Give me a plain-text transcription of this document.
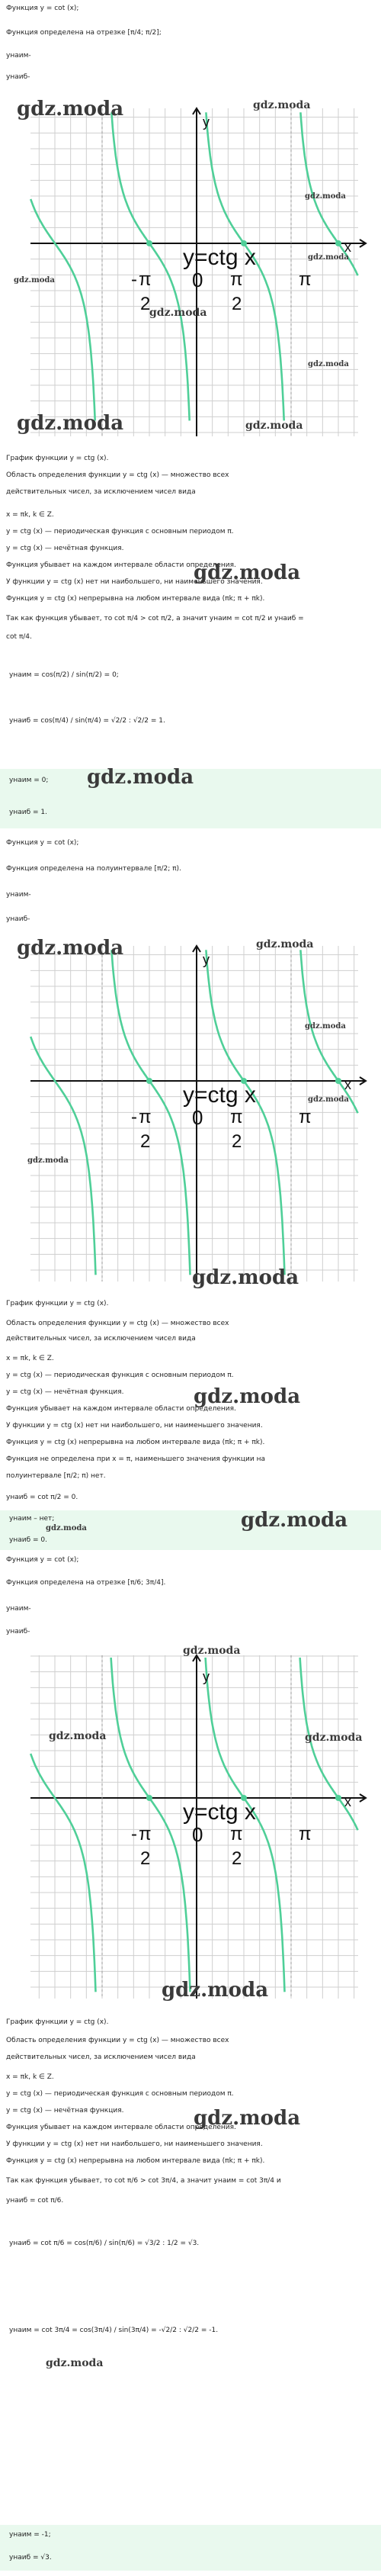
Функция y = cot (x);
Функция определена на отрезке [π/4; π/2];
yнаим-
yнаиб-
y=ctg x
y
x
0
- π
2
π
2
π
gdz.moda	gdz.moda
gdz.moda
gdz.moda
gdz.moda
gdz.moda
gdz.moda
gdz.moda	gdz.moda
График функции y = ctg (x).
Область определения функции y = ctg (x) — множество всех
действительных чисел, за исключением чисел вида
x = πk, k ∈ Z.
y = ctg (x) — периодическая функция с основным периодом π.
y = ctg (x) — нечётная функция.
Функция убывает на каждом интервале области определения.
У функции y = ctg (x) нет ни наибольшего, ни наименьшего значения.
Функция y = ctg (x) непрерывна на любом интервале вида (πk; π + πk).
Так как функция убывает, то cot π/4 > cot π/2, а значит yнаим = cot π/2 и yнаиб =
cot π/4.
gdz.moda
yнаим = cos(π/2) / sin(π/2) = 0;
yнаиб = cos(π/4) / sin(π/4) = √2/2 : √2/2 = 1.
yнаим = 0; gdz.moda
yнаиб = 1.
Функция y = cot (x);
Функция определена на полуинтервале [π/2; π).
yнаим-
yнаиб-
y=ctg x
y
x
0
- π
2
π
2
π
gdz.moda	gdz.moda
gdz.moda
gdz.moda
gdz.moda
gdz.moda
График функции y = ctg (x).
Область определения функции y = ctg (x) — множество всех
действительных чисел, за исключением чисел вида
x = πk, k ∈ Z.
y = ctg (x) — периодическая функция с основным периодом π.
y = ctg (x) — нечётная функция.
Функция убывает на каждом интервале области определения.
gdz.moda
У функции y = ctg (x) нет ни наибольшего, ни наименьшего значения.
Функция y = ctg (x) непрерывна на любом интервале вида (πk; π + πk).
Функция не определена при x = π, наименьшего значения функции на
полуинтервале [π/2; π) нет.
yнаиб = cot π/2 = 0.
yнаим – нет;	gdz.moda
gdz.moda
yнаиб = 0.
Функция y = cot (x);
Функция определена на отрезке [π/6; 3π/4].
yнаим-
yнаиб-
y=ctg x
y
x
0
- π
2
π
2
π
gdz.moda
gdz.moda	gdz.moda
gdz.moda
График функции y = ctg (x).
Область определения функции y = ctg (x) — множество всех
действительных чисел, за исключением чисел вида
x = πk, k ∈ Z.
y = ctg (x) — периодическая функция с основным периодом π.
y = ctg (x) — нечётная функция.
Функция убывает на каждом интервале области определения.
gdz.moda
У функции y = ctg (x) нет ни наибольшего, ни наименьшего значения.
Функция y = ctg (x) непрерывна на любом интервале вида (πk; π + πk).
Так как функция убывает, то cot π/6 > cot 3π/4, а значит yнаим = cot 3π/4 и
yнаиб = cot π/6.
yнаиб = cot π/6 = cos(π/6) / sin(π/6) = √3/2 : 1/2 = √3.
yнаим = cot 3π/4 = cos(3π/4) / sin(3π/4) = -√2/2 : √2/2 = -1.
gdz.moda
yнаим = -1;
yнаиб = √3.
